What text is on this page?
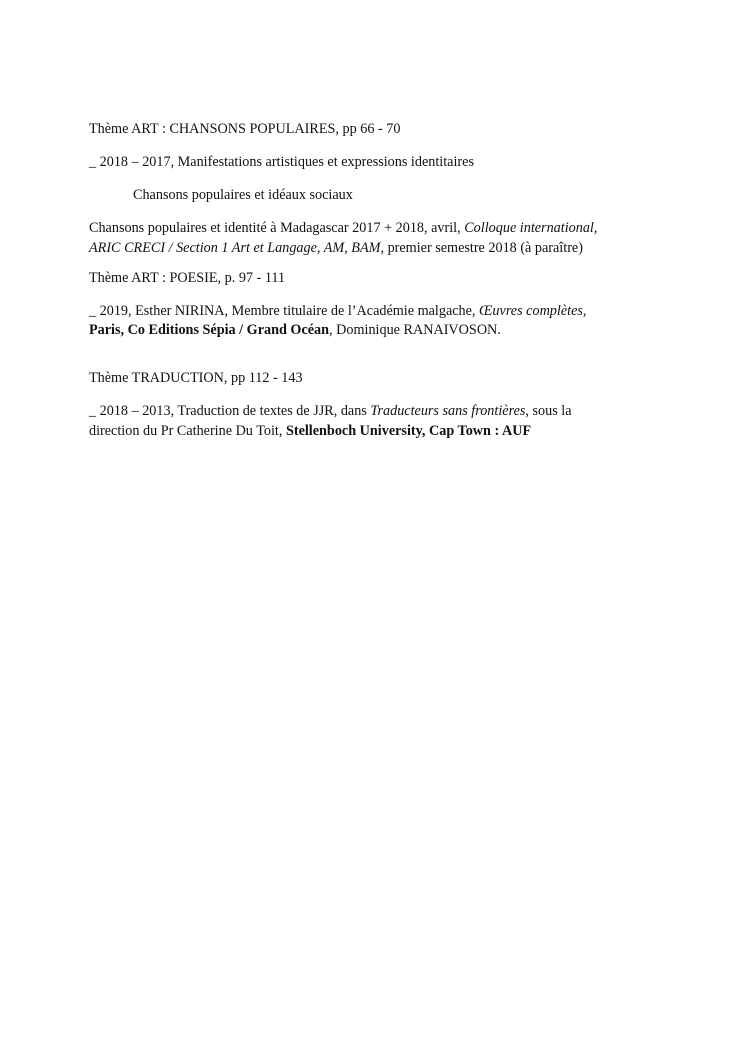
Thème ART : CHANSONS POPULAIRES, pp 66 - 70
_ 2018 – 2017, Manifestations artistiques et expressions identitaires
Chansons populaires et idéaux sociaux
Chansons populaires et identité à Madagascar 2017 + 2018, avril, Colloque international,
ARIC CRECI / Section 1 Art et Langage, AM, BAM, premier semestre 2018 (à paraître)
Thème ART : POESIE, p. 97 - 111
_ 2019, Esther NIRINA, Membre titulaire de l’Académie malgache, Œuvres complètes,
Paris, Co Editions Sépia / Grand Océan, Dominique RANAIVOSON.
Thème TRADUCTION, pp 112 - 143
_ 2018 – 2013, Traduction de textes de JJR, dans Traducteurs sans frontières, sous la
direction du Pr Catherine Du Toit, Stellenboch University, Cap Town : AUF
